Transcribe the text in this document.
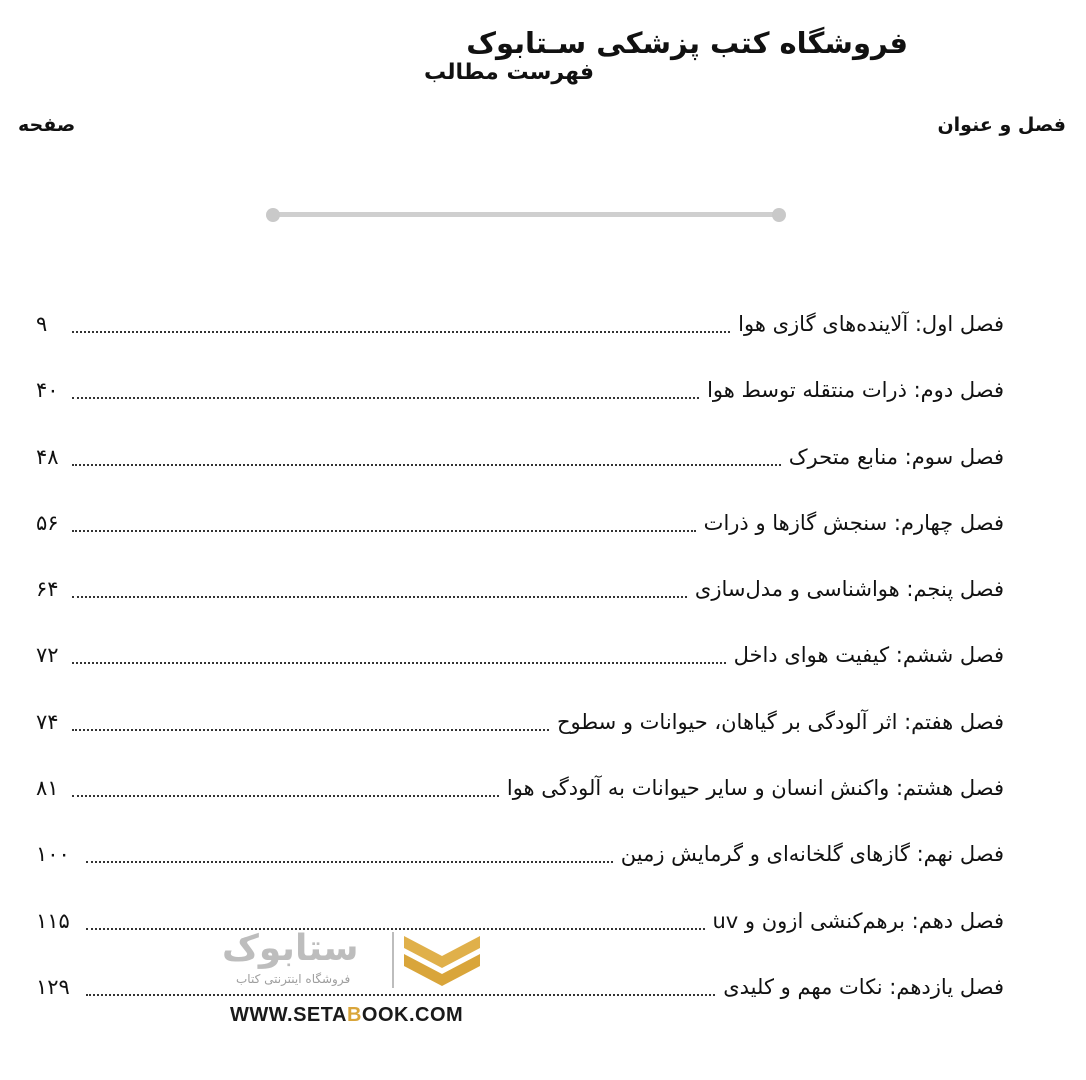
فروشگاه کتب پزشکی سـتابوک
فهرست مطالب
فصل و عنوان
صفحه
فصل اول: آلاینده‌های گازی هوا
۹
فصل دوم: ذرات منتقله توسط هوا
۴۰
فصل سوم: منابع متحرک
۴۸
فصل چهارم: سنجش گازها و ذرات
۵۶
فصل پنجم: هواشناسی و مدل‌سازی
۶۴
فصل ششم: کیفیت هوای داخل
۷۲
فصل هفتم: اثر آلودگی بر گیاهان، حیوانات و سطوح
۷۴
فصل هشتم: واکنش انسان و سایر حیوانات به آلودگی هوا
۸۱
فصل نهم: گازهای گلخانه‌ای و گرمایش زمین
۱۰۰
فصل دهم: برهم‌کنشی ازون و uv
۱۱۵
فصل یازدهم: نکات مهم و کلیدی
۱۲۹
ستابوک
فروشگاه اینترنتی کتاب
WWW.SETABOOK.COM
